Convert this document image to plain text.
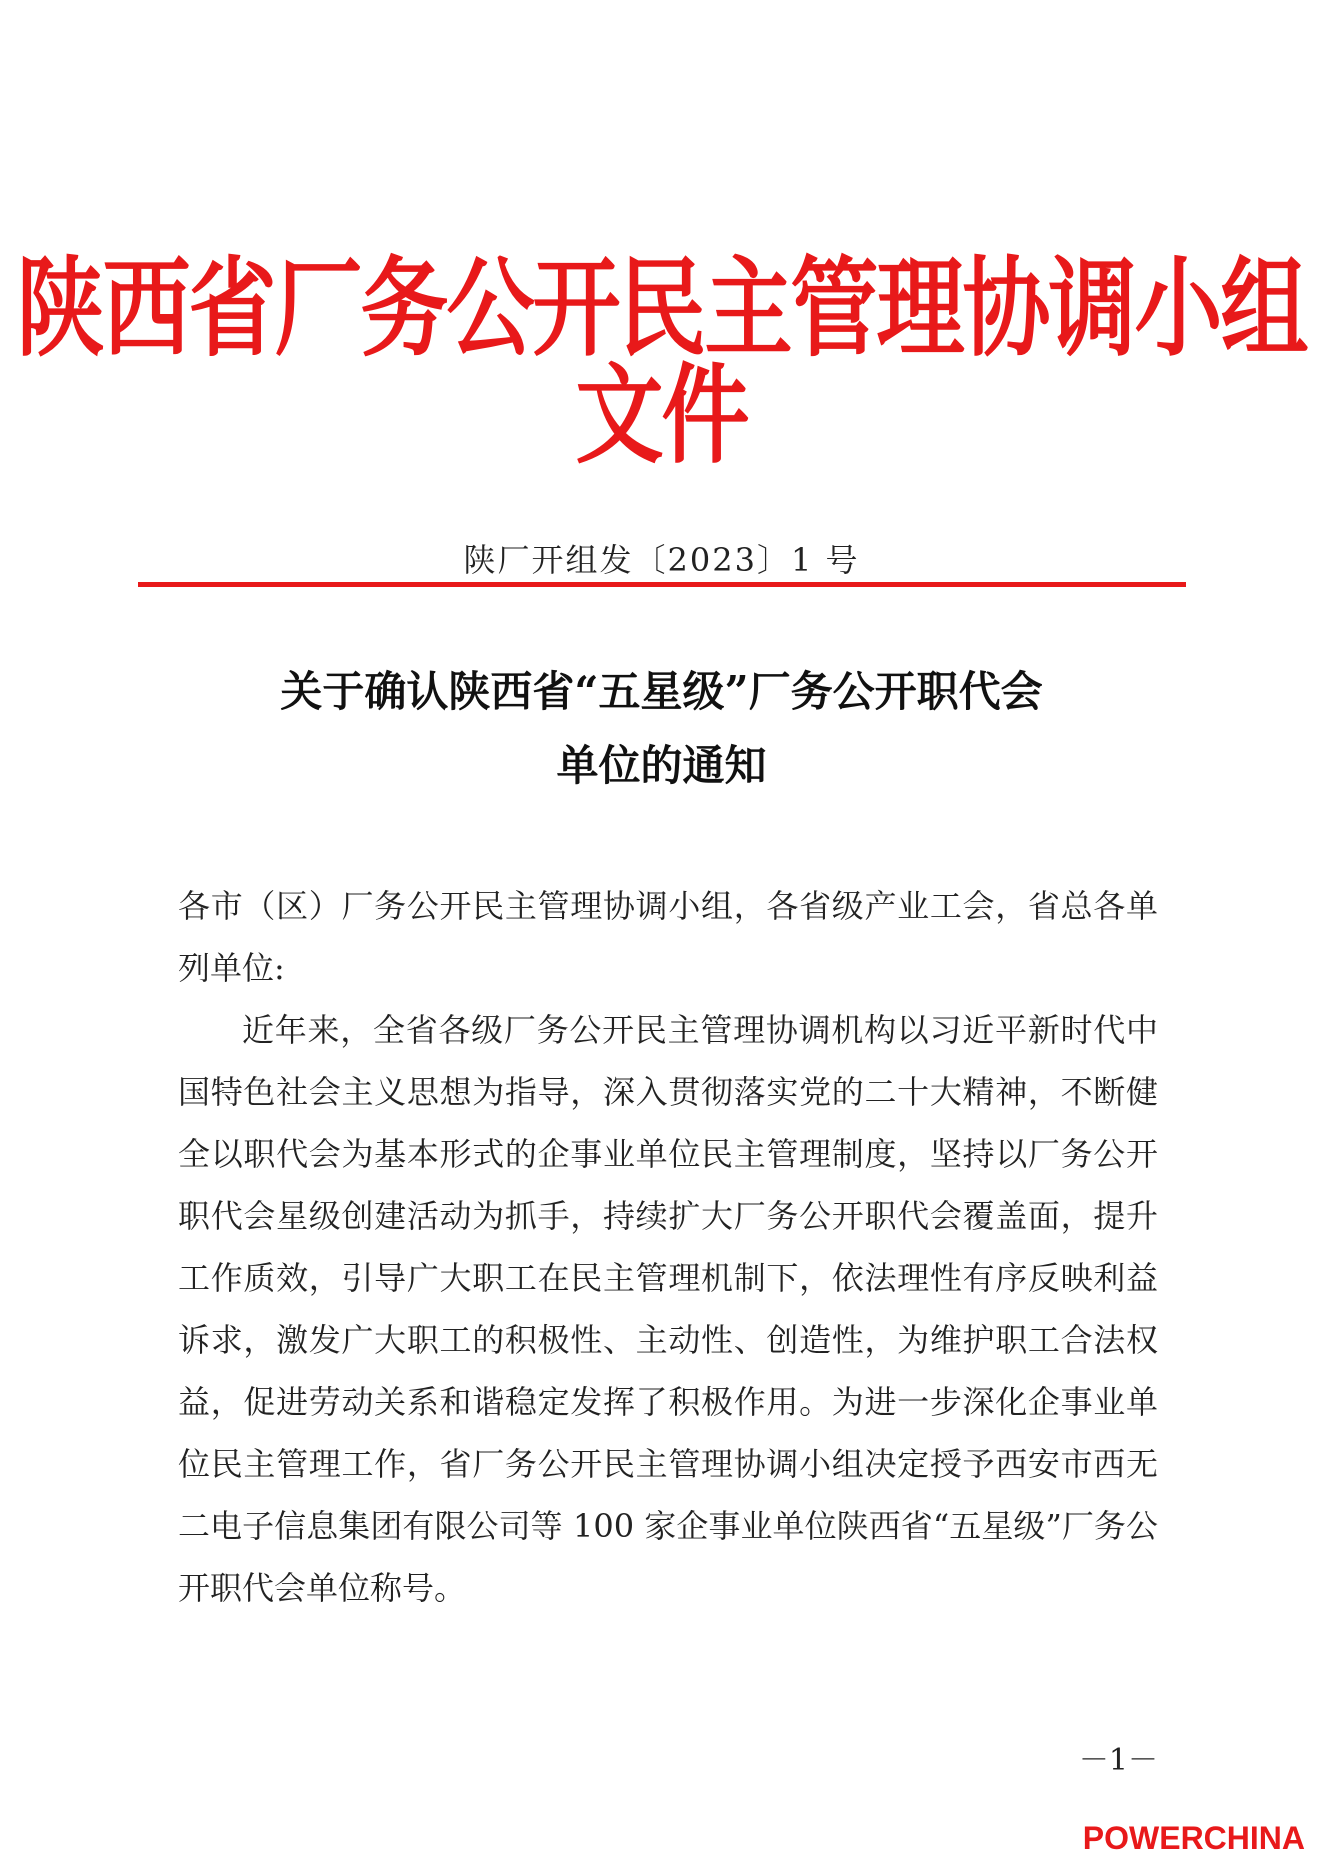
陕西省厂务公开民主管理协调小组文件
陕厂开组发〔2023〕1 号
关于确认陕西省“五星级”厂务公开职代会
单位的通知

各市（区）厂务公开民主管理协调小组，各省级产业工会，省总各单列单位:

近年来，全省各级厂务公开民主管理协调机构以习近平新时代中国特色社会主义思想为指导，深入贯彻落实党的二十大精神，不断健全以职代会为基本形式的企事业单位民主管理制度，坚持以厂务公开职代会星级创建活动为抓手，持续扩大厂务公开职代会覆盖面，提升工作质效，引导广大职工在民主管理机制下，依法理性有序反映利益诉求，激发广大职工的积极性、主动性、创造性，为维护职工合法权益，促进劳动关系和谐稳定发挥了积极作用。为进一步深化企事业单位民主管理工作，省厂务公开民主管理协调小组决定授予西安市西无二电子信息集团有限公司等 100 家企事业单位陕西省“五星级”厂务公开职代会单位称号。

－1－
POWERCHINA
